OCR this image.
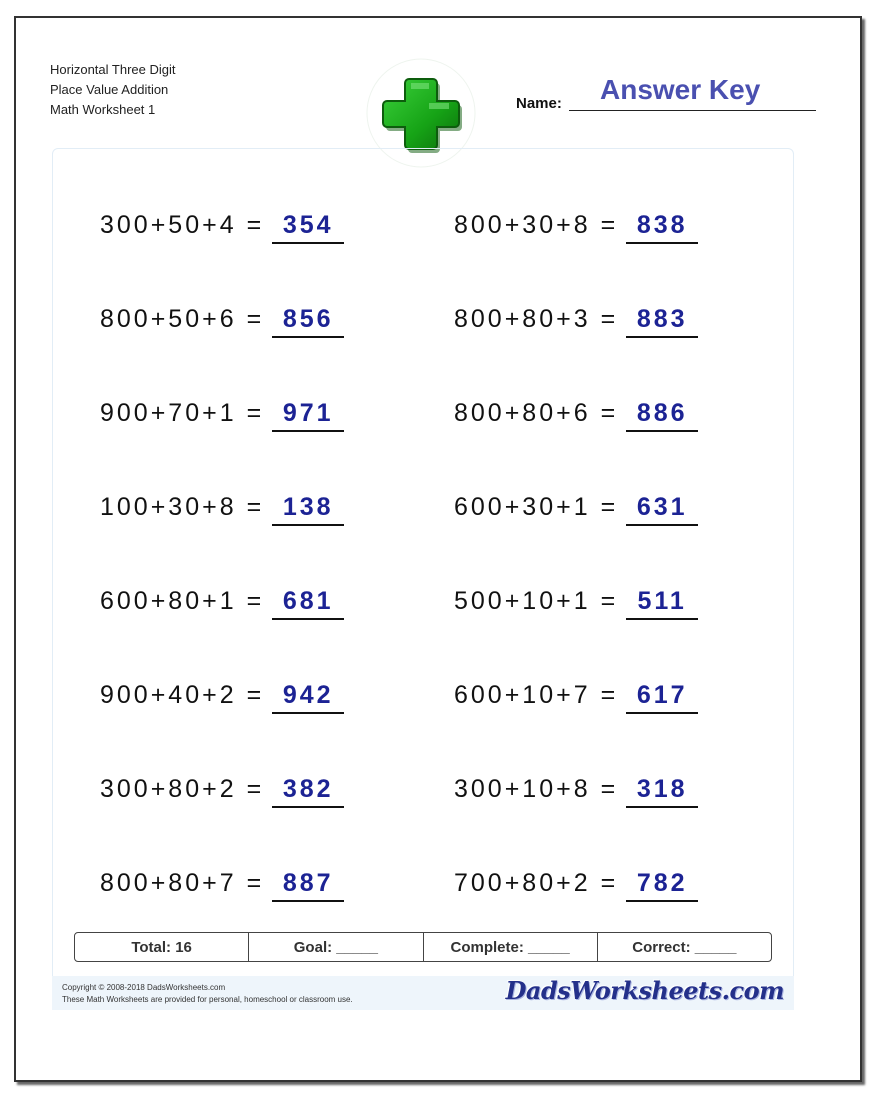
Horizontal Three Digit
Place Value Addition
Math Worksheet 1	Name: Answer Key
300+50+4 = 354	800+30+8 = 838
800+50+6 = 856	800+80+3 = 883
900+70+1 = 971	800+80+6 = 886
100+30+8 = 138	600+30+1 = 631
600+80+1 = 681	500+10+1 = 511
900+40+2 = 942	600+10+7 = 617
300+80+2 = 382	300+10+8 = 318
800+80+7 = 887	700+80+2 = 782
Total: 16	Goal: _____	Complete: _____	Correct: _____
Copyright © 2008-2018 DadsWorksheets.com
These Math Worksheets are provided for personal, homeschool or classroom use.	DadsWorksheets.com
